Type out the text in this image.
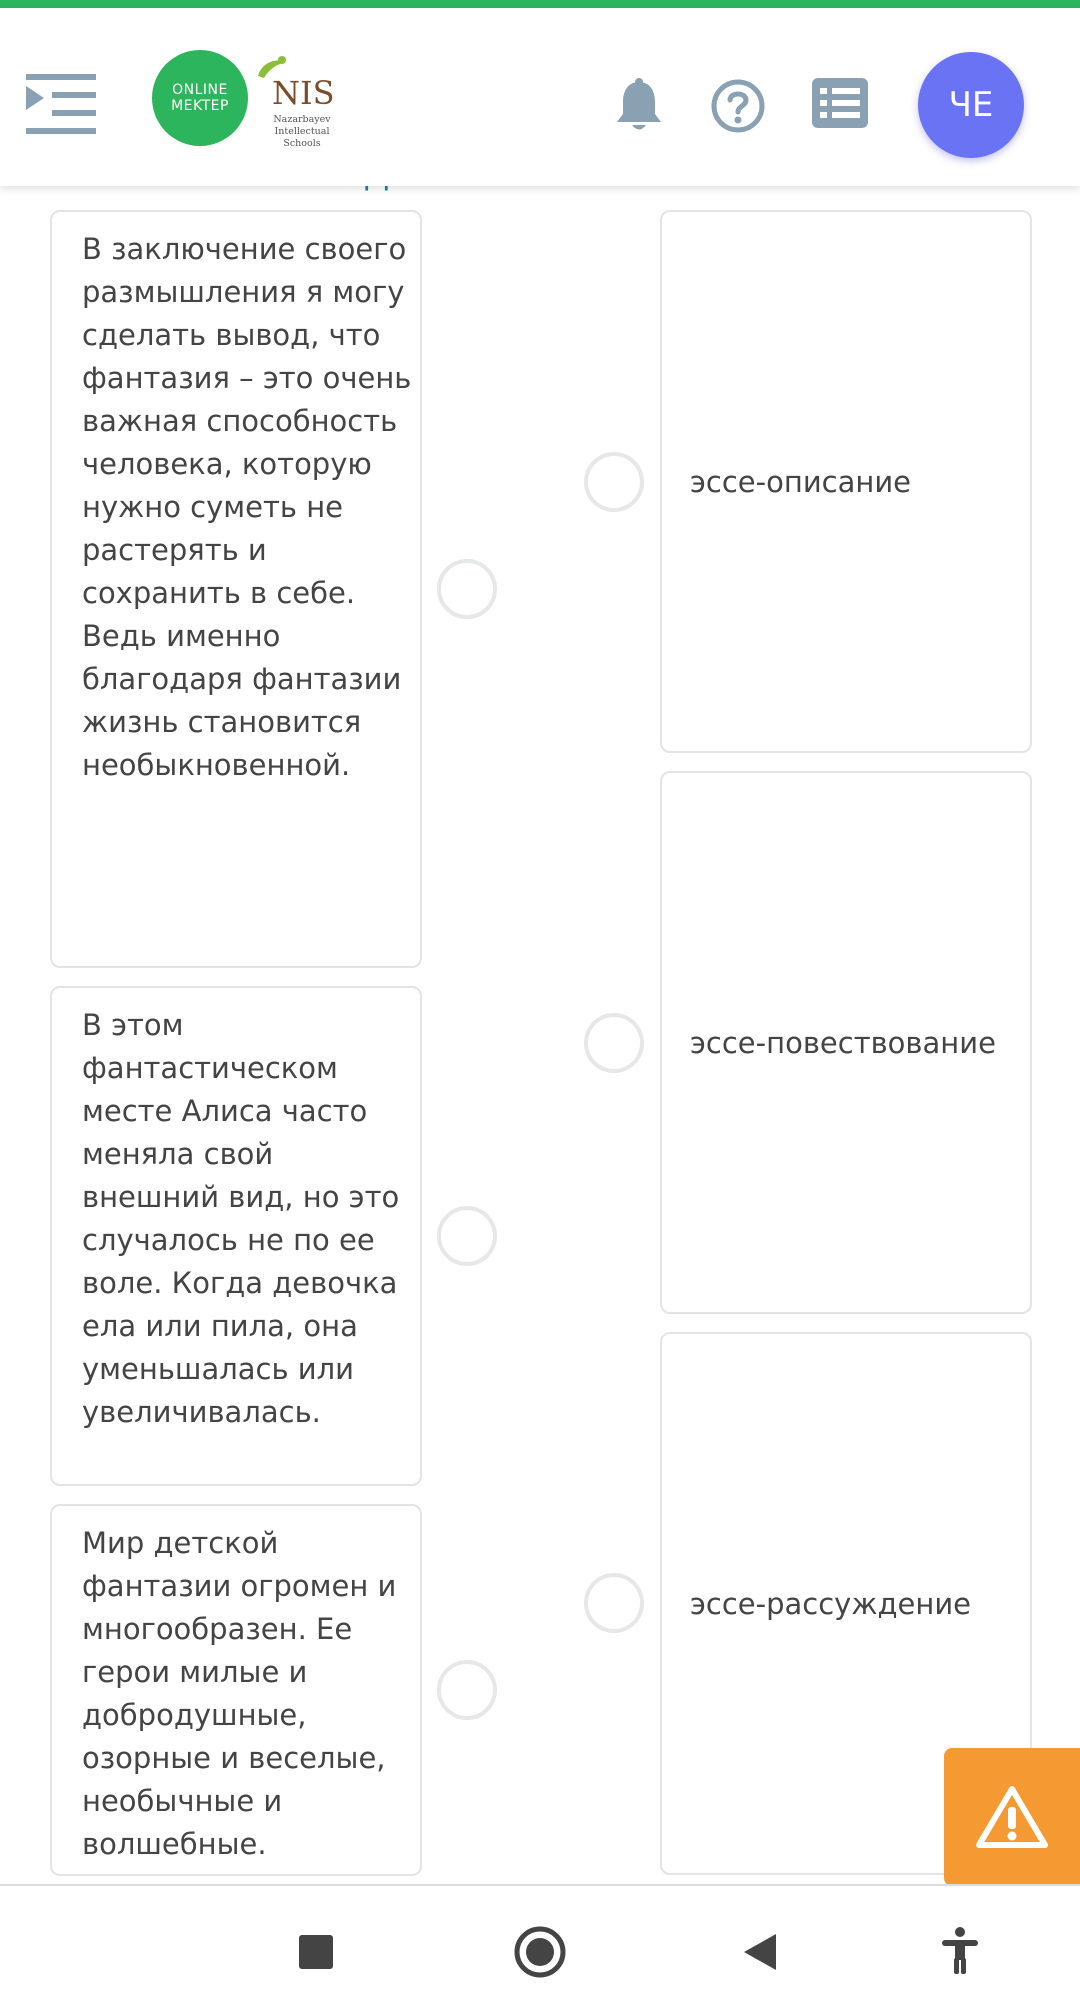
ONLINE
MEKTEP NIS
Nazarbayev
Intellectual
Schools
ЧЕ
В заключение своего размышления я могу сделать вывод, что фантазия – это очень важная способность человека, которую нужно суметь не растерять и сохранить в себе. Ведь именно благодаря фантазии жизнь становится необыкновенной.
В этом фантастическом месте Алиса часто меняла свой внешний вид, но это случалось не по ее воле. Когда девочка ела или пила, она уменьшалась или увеличивалась.
Мир детской фантазии огромен и многообразен. Ее герои милые и добродушные, озорные и веселые, необычные и волшебные.
эссе-описание
эссе-повествование
эссе-рассуждение
